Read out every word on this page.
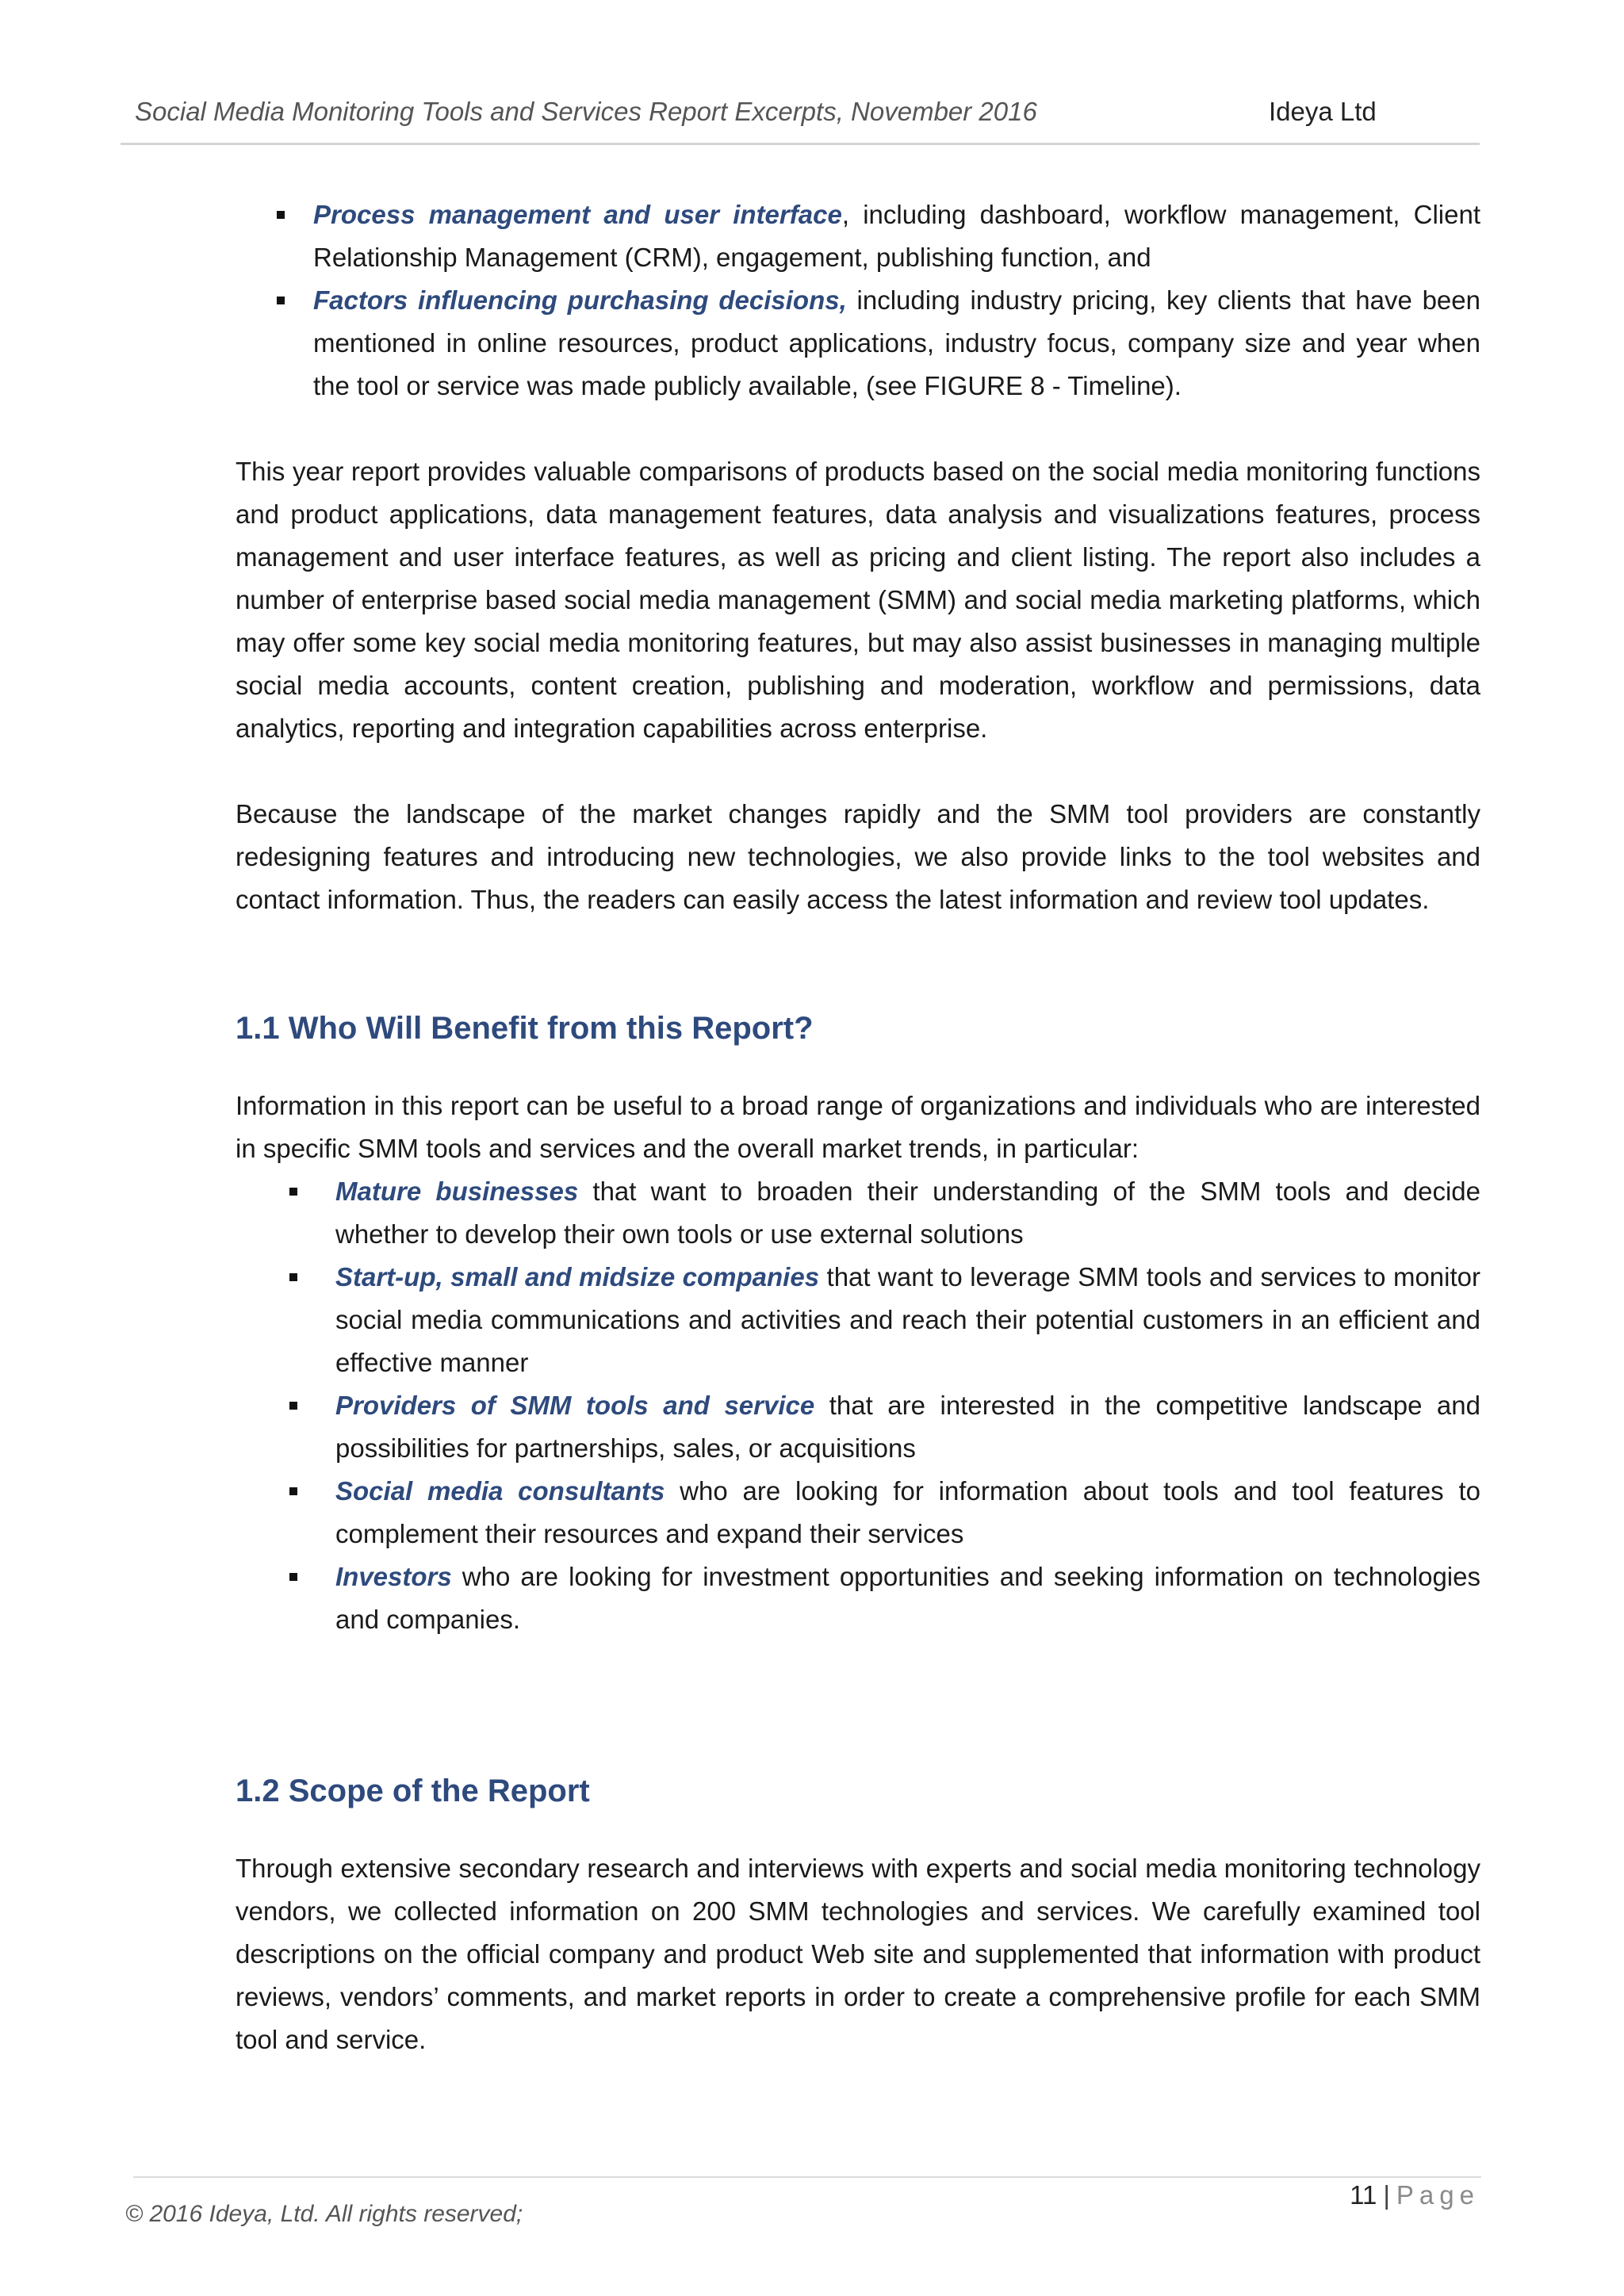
Social Media Monitoring Tools and Services Report Excerpts, November 2016	Ideya Ltd
Process management and user interface, including dashboard, workflow management, Client Relationship Management (CRM), engagement, publishing function, and
Factors influencing purchasing decisions, including industry pricing, key clients that have been mentioned in online resources, product applications, industry focus, company size and year when the tool or service was made publicly available, (see FIGURE 8 - Timeline).

This year report provides valuable comparisons of products based on the social media monitoring functions and product applications, data management features, data analysis and visualizations features, process management and user interface features, as well as pricing and client listing. The report also includes a number of enterprise based social media management (SMM) and social media marketing platforms, which may offer some key social media monitoring features, but may also assist businesses in managing multiple social media accounts, content creation, publishing and moderation, workflow and permissions, data analytics, reporting and integration capabilities across enterprise.

Because the landscape of the market changes rapidly and the SMM tool providers are constantly redesigning features and introducing new technologies, we also provide links to the tool websites and contact information. Thus, the readers can easily access the latest information and review tool updates.

1.1 Who Will Benefit from this Report?

Information in this report can be useful to a broad range of organizations and individuals who are interested in specific SMM tools and services and the overall market trends, in particular:

Mature businesses that want to broaden their understanding of the SMM tools and decide whether to develop their own tools or use external solutions
Start-up, small and midsize companies that want to leverage SMM tools and services to monitor social media communications and activities and reach their potential customers in an efficient and effective manner
Providers of SMM tools and service that are interested in the competitive landscape and possibilities for partnerships, sales, or acquisitions
Social media consultants who are looking for information about tools and tool features to complement their resources and expand their services
Investors who are looking for investment opportunities and seeking information on technologies and companies.
1.2 Scope of the Report

Through extensive secondary research and interviews with experts and social media monitoring technology vendors, we collected information on 200 SMM technologies and services. We carefully examined tool descriptions on the official company and product Web site and supplemented that information with product reviews, vendors’ comments, and market reports in order to create a comprehensive profile for each SMM tool and service.

© 2016 Ideya, Ltd. All rights reserved;
11 | Page
